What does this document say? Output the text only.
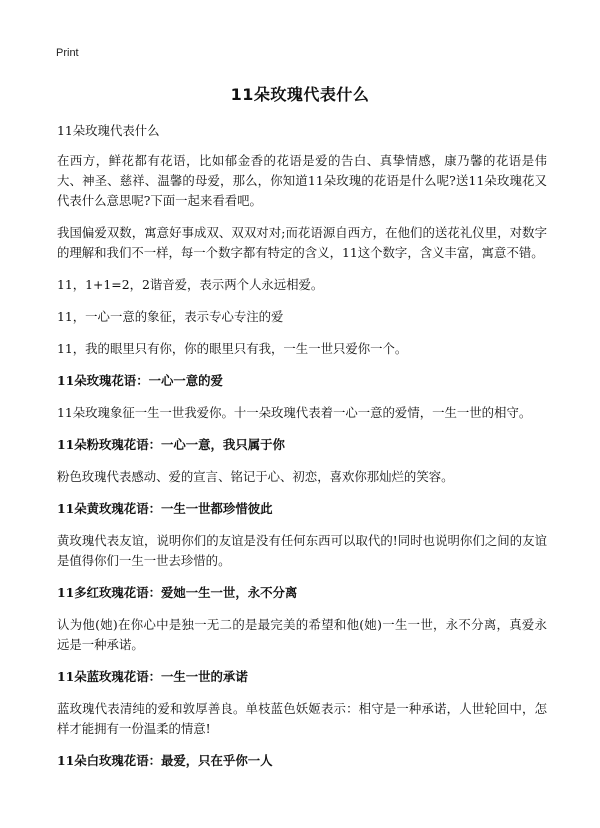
Print
11朵玫瑰代表什么

11朵玫瑰代表什么

在西方，鲜花都有花语，比如郁金香的花语是爱的告白、真挚情感，康乃馨的花语是伟大、神圣、慈祥、温馨的母爱，那么，你知道11朵玫瑰的花语是什么呢?送11朵玫瑰花又代表什么意思呢?下面一起来看看吧。

我国偏爱双数，寓意好事成双、双双对对;而花语源自西方，在他们的送花礼仪里，对数字的理解和我们不一样，每一个数字都有特定的含义，11这个数字，含义丰富，寓意不错。

11，1+1=2，2谐音爱，表示两个人永远相爱。

11，一心一意的象征，表示专心专注的爱

11，我的眼里只有你，你的眼里只有我，一生一世只爱你一个。

11朵玫瑰花语：一心一意的爱

11朵玫瑰象征一生一世我爱你。十一朵玫瑰代表着一心一意的爱情，一生一世的相守。

11朵粉玫瑰花语：一心一意，我只属于你

粉色玫瑰代表感动、爱的宣言、铭记于心、初恋，喜欢你那灿烂的笑容。

11朵黄玫瑰花语：一生一世都珍惜彼此

黄玫瑰代表友谊，说明你们的友谊是没有任何东西可以取代的!同时也说明你们之间的友谊是值得你们一生一世去珍惜的。

11多红玫瑰花语：爱她一生一世，永不分离

认为他(她)在你心中是独一无二的是最完美的希望和他(她)一生一世，永不分离，真爱永远是一种承诺。

11朵蓝玫瑰花语：一生一世的承诺

蓝玫瑰代表清纯的爱和敦厚善良。单枝蓝色妖姬表示：相守是一种承诺，人世轮回中，怎样才能拥有一份温柔的情意!

11朵白玫瑰花语：最爱，只在乎你一人
